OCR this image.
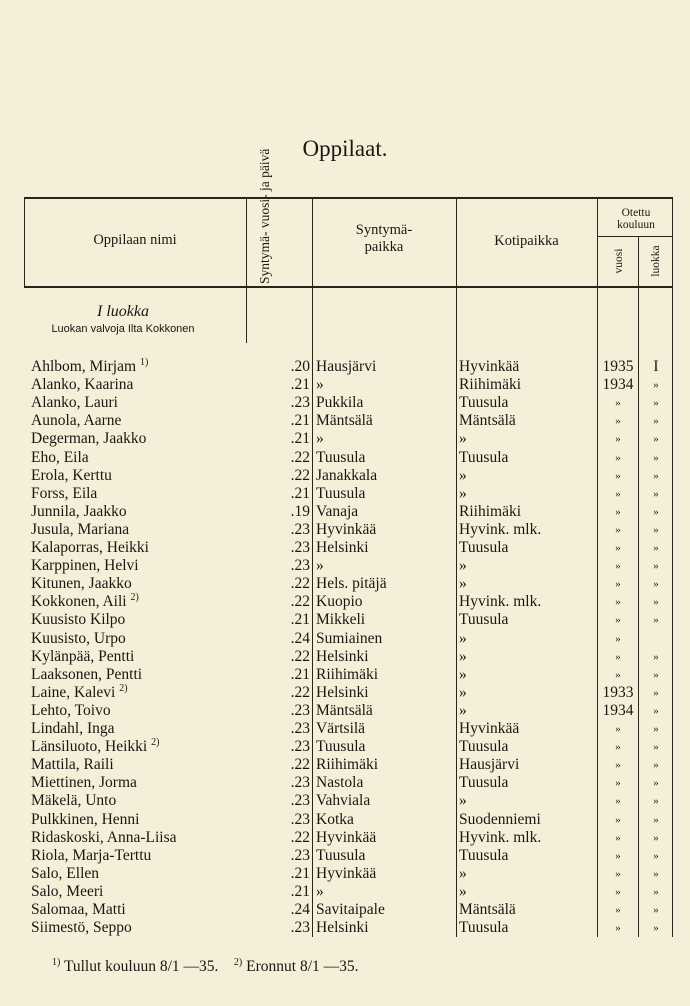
Oppilaat.
Oppilaan nimi	Syntymä- vuosi- ja päivä	Syntymä- paikka	Kotipaikka
Otettu kouluun
vuosi luokka
I luokka
Luokan valvoja Ilta Kokkonen
Ahlbom, Mirjam $^{1)}$	.20 Hausjärvi	Hyvinkää	1935	I
Alanko, Kaarina	.21 »	Riihimäki	1934	»
Alanko, Lauri	.23 Pukkila	Tuusula	»	»
Aunola, Aarne	.21 Mäntsälä	Mäntsälä	»	»
Degerman, Jaakko	.21 »	»	»	»
Eho, Eila	.22 Tuusula	Tuusula	»	»
Erola, Kerttu	.22 Janakkala	»	»	»
Forss, Eila	.21 Tuusula	»	»	»
Junnila, Jaakko	.19 Vanaja	Riihimäki	»	»
Jusula, Mariana	.23 Hyvinkää	Hyvink. mlk.	»	»
Kalaporras, Heikki	.23 Helsinki	Tuusula	»	»
Karppinen, Helvi	.23 »	»	»	»
Kitunen, Jaakko	.22 Hels. pitäjä	»	»	»
Kokkonen, Aili $^{2)}$	.22 Kuopio	Hyvink. mlk.	»	»
Kuusisto Kilpo	.21 Mikkeli	Tuusula	»	»
Kuusisto, Urpo	.24 Sumiainen	»	»
Kylänpää, Pentti	.22 Helsinki	»	»	»
Laaksonen, Pentti	.21 Riihimäki	»	»	»
Laine, Kalevi $^{2)}$	.22 Helsinki	»	1933	»
Lehto, Toivo	.23 Mäntsälä	»	1934	»
Lindahl, Inga	.23 Värtsilä	Hyvinkää	»	»
Länsiluoto, Heikki $^{2)}$	.23 Tuusula	Tuusula	»	»
Mattila, Raili	.22 Riihimäki	Hausjärvi	»	»
Miettinen, Jorma	.23 Nastola	Tuusula	»	»
Mäkelä, Unto	.23 Vahviala	»	»	»
Pulkkinen, Henni	.23 Kotka	Suodenniemi	»	»
Ridaskoski, Anna-Liisa	.22 Hyvinkää	Hyvink. mlk.	»	»
Riola, Marja-Terttu	.23 Tuusula	Tuusula	»	»
Salo, Ellen	.21 Hyvinkää	»	»	»
Salo, Meeri	.21 »	»	»	»
Salomaa, Matti	.24 Savitaipale	Mäntsälä	»	»
Siimestö, Seppo	.23 Helsinki	Tuusula	»	»
$^{1)}$ Tullut kouluun 8/1 —35. $^{2)}$ Eronnut 8/1 —35.
